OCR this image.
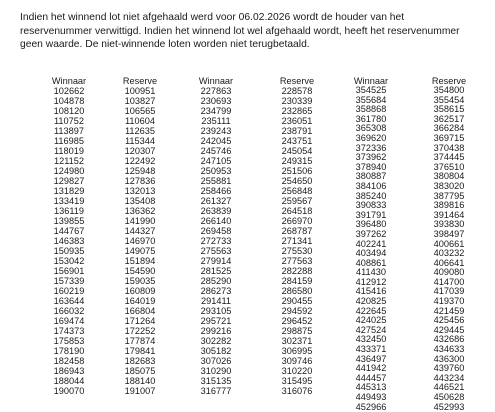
Indien het winnend lot niet afgehaald werd voor 06.02.2026 wordt de houder van het
reservenummer verwittigd. Indien het winnend lot wel afgehaald wordt, heeft het reservenummer
geen waarde. De niet-winnende loten worden niet terugbetaald.
Winnaar
102662
104878
108120
110752
113897
116985
118019
121152
124980
129827
131829
133419
136119
139855
144767
146383
150935
153042
156901
157339
160219
163644
166032
169474
174373
175853
178190
182458
186943
188044
190070
Reserve
100951
103827
106565
110604
112635
115344
120307
122492
125948
127836
132013
135408
136362
141990
144327
146970
149075
151894
154590
159035
160809
164019
166804
171264
172252
177874
179841
182683
185075
188140
191007
Winnaar
227863
230693
234799
235111
239243
242045
245746
247105
250953
255881
258466
261327
263839
266140
269458
272733
275563
279914
281525
285290
286273
291411
293105
295721
299216
302282
305182
307026
310290
315135
316777
Reserve
228578
230339
232865
236051
238791
243751
245054
249315
251506
254650
256848
259567
264518
266970
268787
271341
275530
277563
282288
284159
286580
290455
294592
296452
298875
302371
306995
309746
310220
315495
316076
Winnaar
354525
355684
358868
361780
365308
369620
372336
373962
378940
380887
384106
385240
390833
391791
396480
397262
402241
403494
408861
411430
412912
415416
420825
422645
424025
427524
432450
433371
436497
441942
444457
445313
449493
452966
Reserve
354800
355454
358615
362517
366284
369715
370438
374445
376510
380804
383020
387795
389816
391464
393830
398497
400661
403232
406641
409080
414700
417039
419370
421459
425456
429445
432686
434633
436300
439760
443234
446521
450628
452993
